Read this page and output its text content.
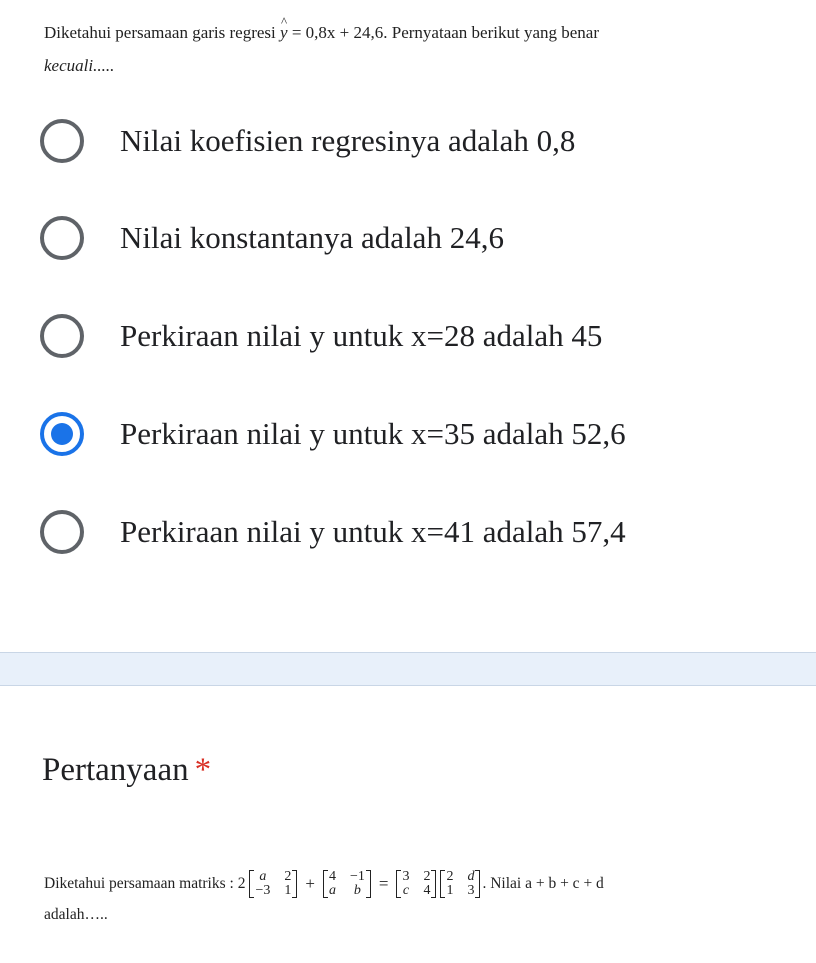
Diketahui persamaan garis regresi ^ y = 0,8x + 24,6. Pernyataan berikut yang benar
kecuali.....

Nilai koefisien regresinya adalah 0,8
Nilai konstantanya adalah 24,6
Perkiraan nilai y untuk x=28 adalah 45
Perkiraan nilai y untuk x=35 adalah 52,6
Perkiraan nilai y untuk x=41 adalah 57,4
Pertanyaan *
Diketahui persamaan matriks : 2 a 2
−3 1 + 4 −1
a b = 3 2
c 4
2 d
1 3 . Nilai a + b + c + d
adalah…..
